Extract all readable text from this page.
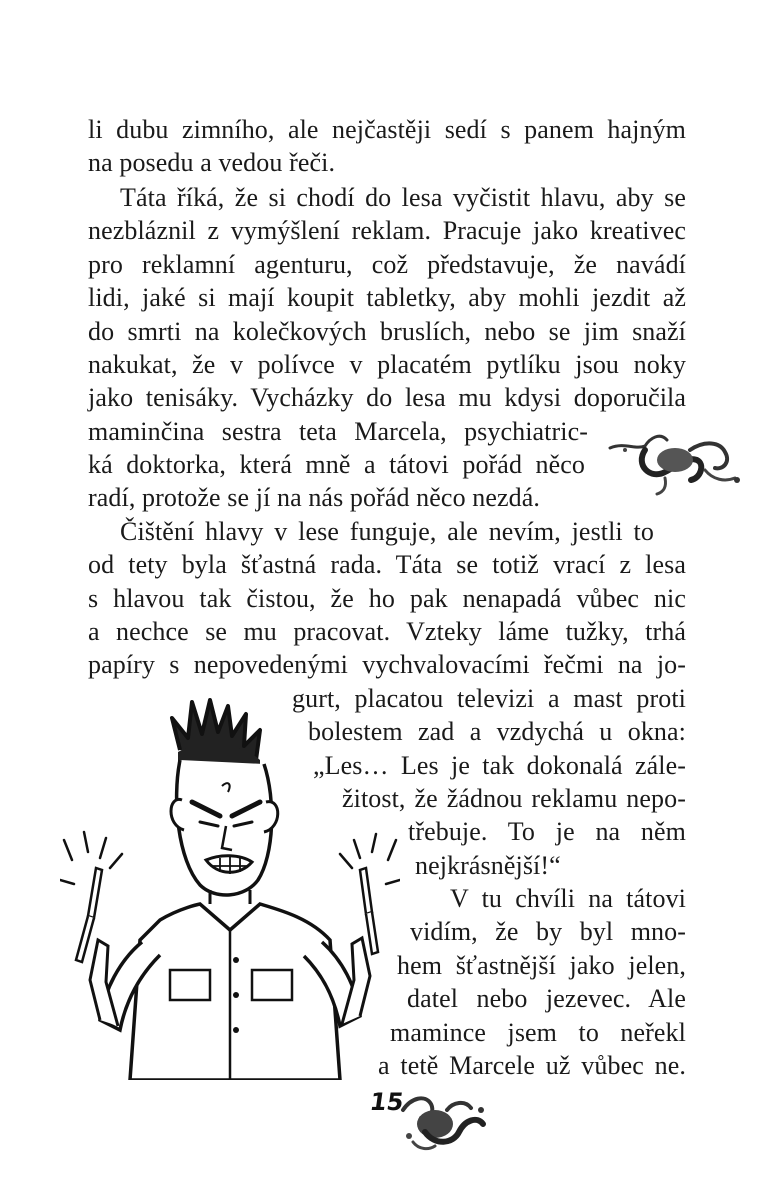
li dubu zimního, ale nejčastěji sedí s panem hajným
na posedu a vedou řeči.
Táta říká, že si chodí do lesa vyčistit hlavu, aby se
nezbláznil z vymýšlení reklam. Pracuje jako kreativec
pro reklamní agenturu, což představuje, že navádí
lidi, jaké si mají koupit tabletky, aby mohli jezdit až
do smrti na kolečkových bruslích, nebo se jim snaží
nakukat, že v polívce v placatém pytlíku jsou noky
jako tenisáky. Vycházky do lesa mu kdysi doporučila
maminčina sestra teta Marcela, psychiatric-
ká doktorka, která mně a tátovi pořád něco
radí, protože se jí na nás pořád něco nezdá.
Čištění hlavy v lese funguje, ale nevím, jestli to
od tety byla šťastná rada. Táta se totiž vrací z lesa
s hlavou tak čistou, že ho pak nenapadá vůbec nic
a nechce se mu pracovat. Vzteky láme tužky, trhá
papíry s nepovedenými vychvalovacími řečmi na jo-
gurt, placatou televizi a mast proti
bolestem zad a vzdychá u okna:
„Les… Les je tak dokonalá zále-
žitost, že žádnou reklamu nepo-
třebuje. To je na něm
nejkrásnější!“
V tu chvíli na tátovi
vidím, že by byl mno-
hem šťastnější jako jelen,
datel nebo jezevec. Ale
mamince jsem to neřekl
a tetě Marcele už vůbec ne.
15
